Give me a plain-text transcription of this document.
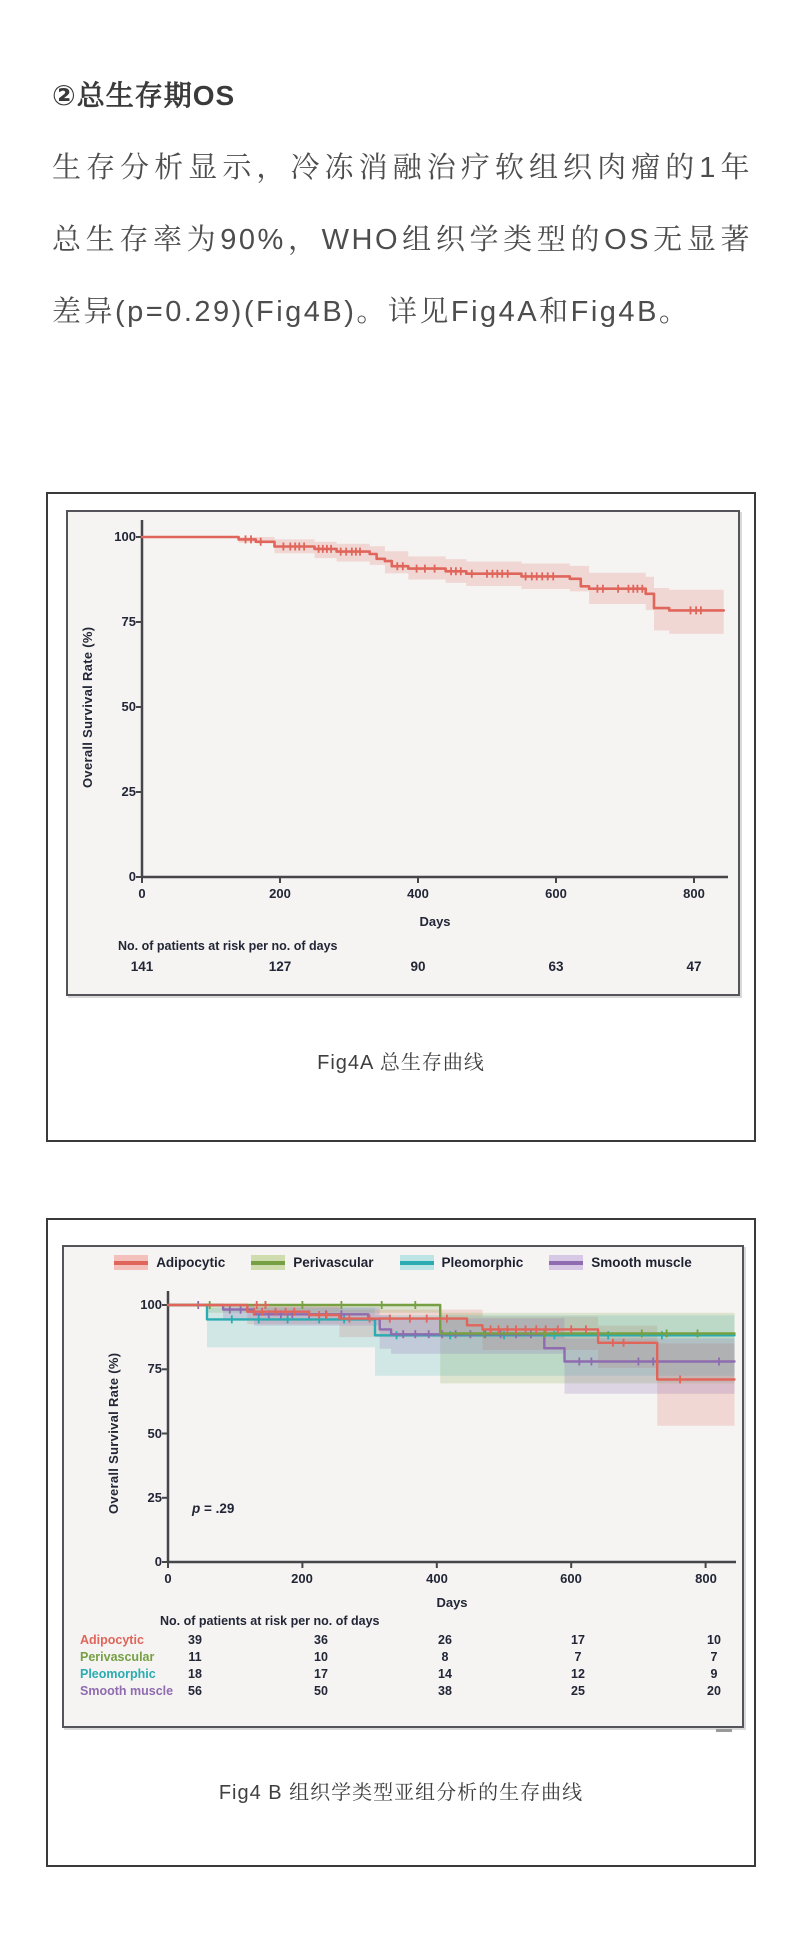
②总生存期OS
生存分析显示，冷冻消融治疗软组织肉瘤的1年
总生存率为90%，WHO组织学类型的OS无显著
差异(p=0.29)(Fig4B)。详见Fig4A和Fig4B。
Overall Survival Rate (%)
100
75
50
25
0
0	200	400	600	800
Days
No. of patients at risk per no. of days
141	127	90	63	47
Fig4A 总生存曲线
Adipocytic	Perivascular	Pleomorphic	Smooth muscle
Overall Survival Rate (%)
100
75
50
25
0
p = .29
0	200	400	600	800
Days
No. of patients at risk per no. of days
Adipocytic	39	36	26	17	10
Perivascular	11	10	8	7	7
Pleomorphic	18	17	14	12	9
Smooth muscle	56	50	38	25	20
Fig4 B 组织学类型亚组分析的生存曲线
